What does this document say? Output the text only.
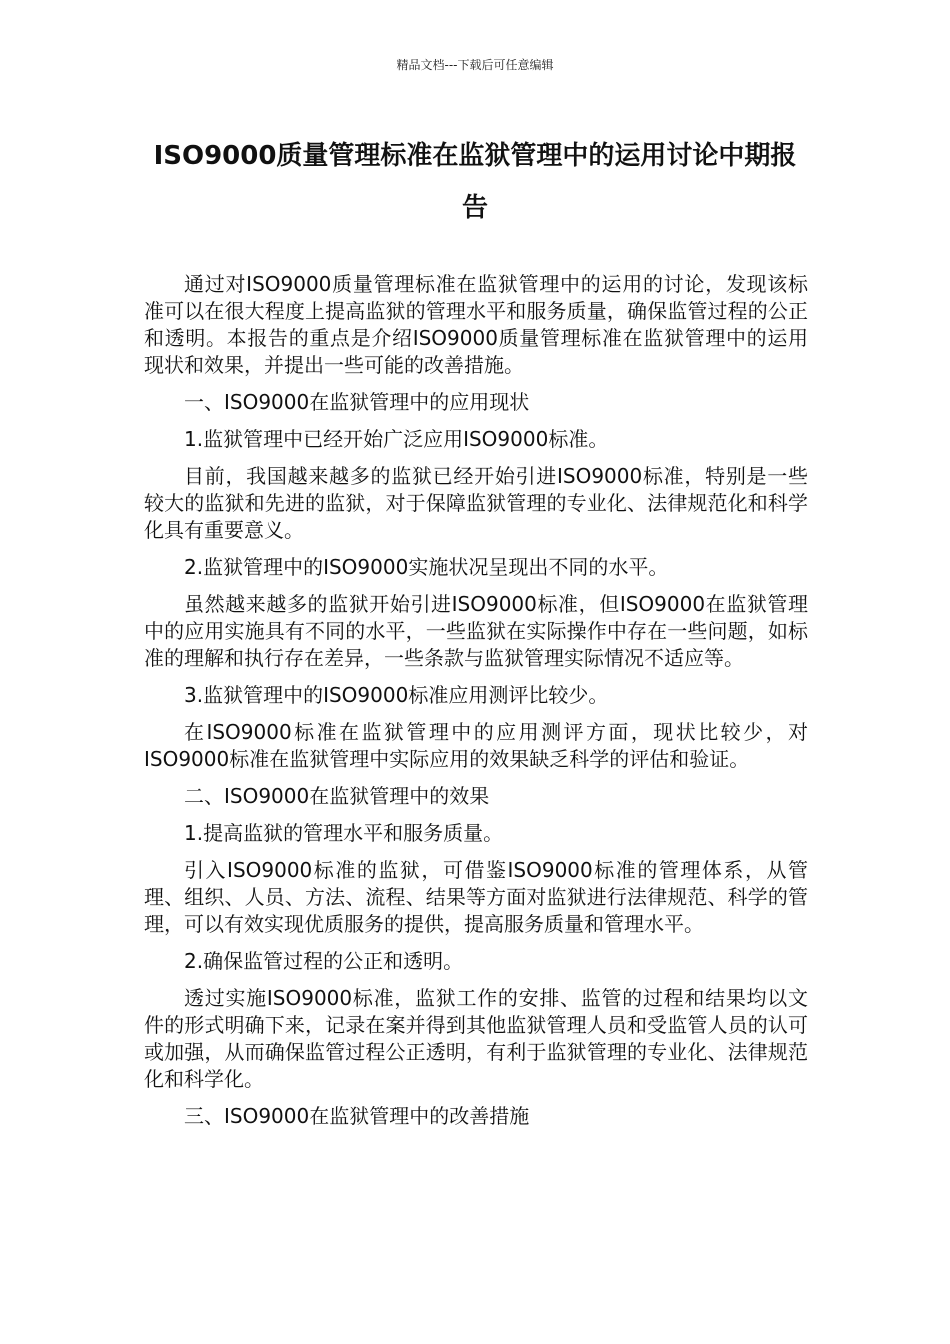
精品文档---下载后可任意编辑
ISO9000质量管理标准在监狱管理中的运用讨论中期报告

通过对ISO9000质量管理标准在监狱管理中的运用的讨论，发现该标准可以在很大程度上提高监狱的管理水平和服务质量，确保监管过程的公正和透明。本报告的重点是介绍ISO9000质量管理标准在监狱管理中的运用现状和效果，并提出一些可能的改善措施。

一、ISO9000在监狱管理中的应用现状

1.监狱管理中已经开始广泛应用ISO9000标准。

目前，我国越来越多的监狱已经开始引进ISO9000标准，特别是一些较大的监狱和先进的监狱，对于保障监狱管理的专业化、法律规范化和科学化具有重要意义。

2.监狱管理中的ISO9000实施状况呈现出不同的水平。

虽然越来越多的监狱开始引进ISO9000标准，但ISO9000在监狱管理中的应用实施具有不同的水平，一些监狱在实际操作中存在一些问题，如标准的理解和执行存在差异，一些条款与监狱管理实际情况不适应等。

3.监狱管理中的ISO9000标准应用测评比较少。

在ISO9000标准在监狱管理中的应用测评方面，现状比较少，对ISO9000标准在监狱管理中实际应用的效果缺乏科学的评估和验证。

二、ISO9000在监狱管理中的效果

1.提高监狱的管理水平和服务质量。

引入ISO9000标准的监狱，可借鉴ISO9000标准的管理体系，从管理、组织、人员、方法、流程、结果等方面对监狱进行法律规范、科学的管理，可以有效实现优质服务的提供，提高服务质量和管理水平。

2.确保监管过程的公正和透明。

透过实施ISO9000标准，监狱工作的安排、监管的过程和结果均以文件的形式明确下来，记录在案并得到其他监狱管理人员和受监管人员的认可或加强，从而确保监管过程公正透明，有利于监狱管理的专业化、法律规范化和科学化。

三、ISO9000在监狱管理中的改善措施
